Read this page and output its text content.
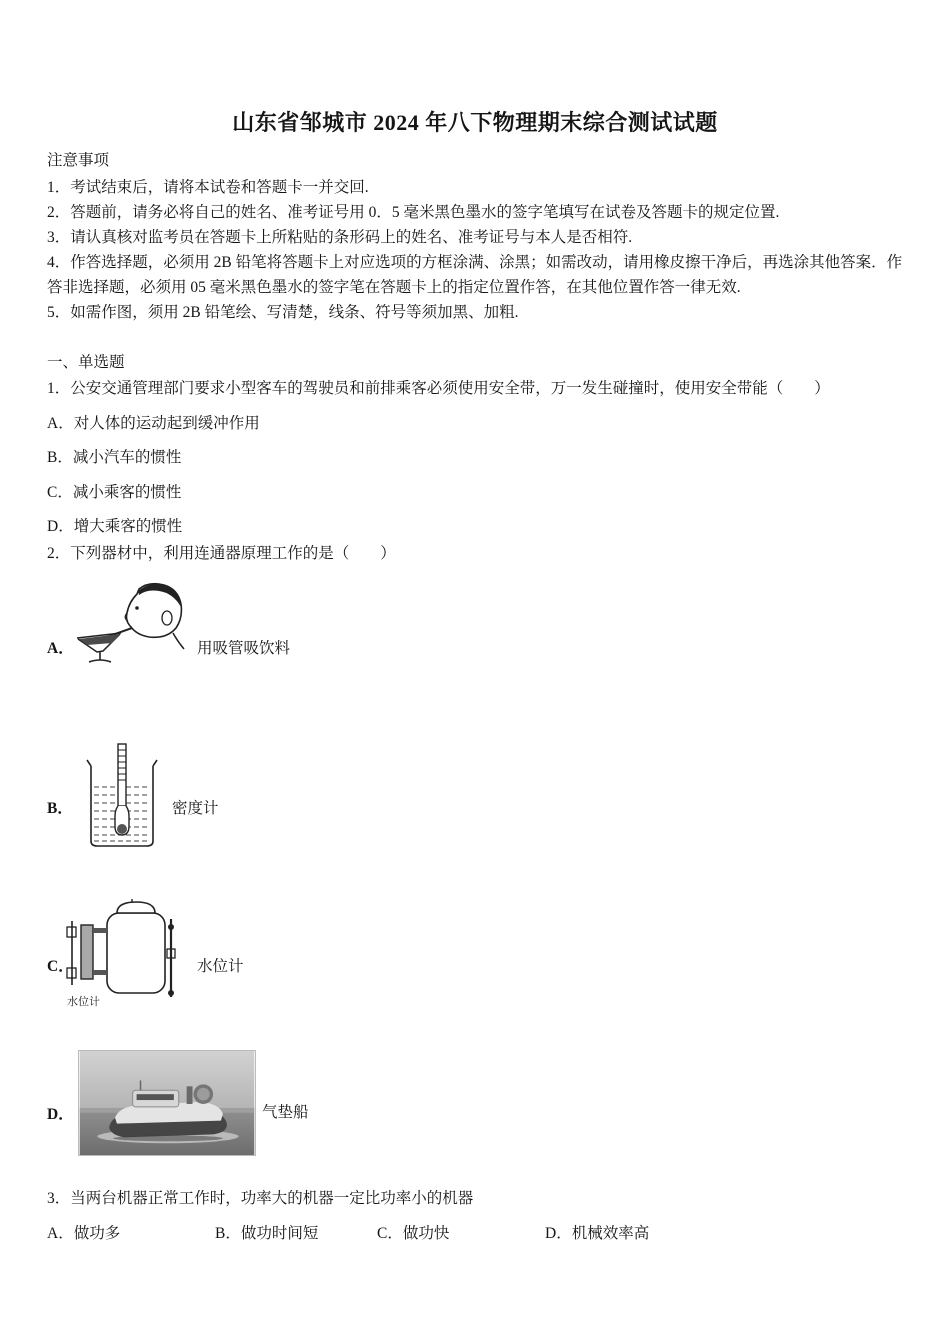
山东省邹城市 2024 年八下物理期末综合测试试题
注意事项
1．考试结束后，请将本试卷和答题卡一并交回.
2．答题前，请务必将自己的姓名、准考证号用 0．5 毫米黑色墨水的签字笔填写在试卷及答题卡的规定位置.
3．请认真核对监考员在答题卡上所粘贴的条形码上的姓名、准考证号与本人是否相符.
4．作答选择题，必须用 2B 铅笔将答题卡上对应选项的方框涂满、涂黑；如需改动，请用橡皮擦干净后，再选涂其他答案．作答非选择题，必须用 05 毫米黑色墨水的签字笔在答题卡上的指定位置作答，在其他位置作答一律无效.
5．如需作图，须用 2B 铅笔绘、写清楚，线条、符号等须加黑、加粗.
一、单选题
1．公安交通管理部门要求小型客车的驾驶员和前排乘客必须使用安全带，万一发生碰撞时，使用安全带能（　　）
A．对人体的运动起到缓冲作用
B．减小汽车的惯性
C．减小乘客的惯性
D．增大乘客的惯性
2．下列器材中，利用连通器原理工作的是（　　）
A．	用吸管吸饮料
B．	密度计
C．
水位计
水位计
D．	气垫船
3．当两台机器正常工作时，功率大的机器一定比功率小的机器
A．做功多	B．做功时间短	C．做功快	D．机械效率高
